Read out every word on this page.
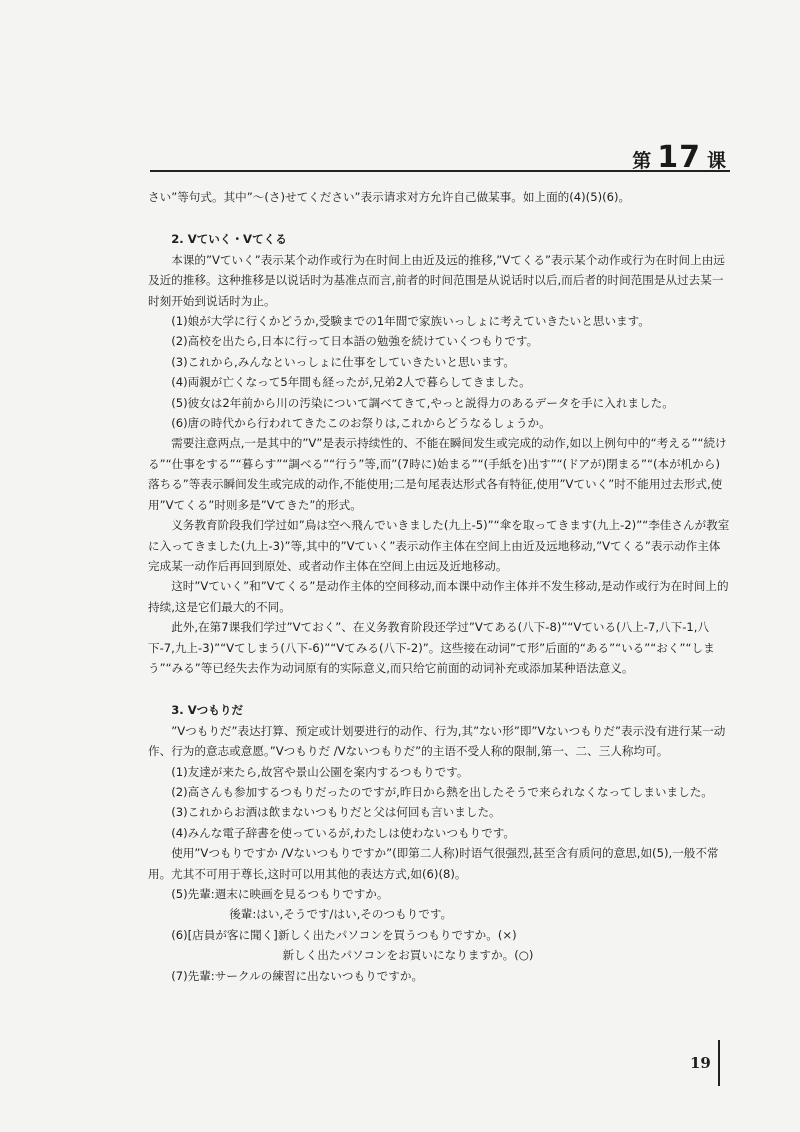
第 17 课

さい”等句式。其中”～(さ)せてください”表示请求对方允许自己做某事。如上面的(4)(5)(6)。

2. Ⅴていく・Ⅴてくる

本课的”Ⅴていく”表示某个动作或行为在时间上由近及远的推移,”Ⅴてくる”表示某个动作或行为在时间上由远及近的推移。这种推移是以说话时为基准点而言,前者的时间范围是从说话时以后,而后者的时间范围是从过去某一时刻开始到说话时为止。

(1)娘が大学に行くかどうか,受験までの1年間で家族いっしょに考えていきたいと思います。

(2)高校を出たら,日本に行って日本語の勉強を続けていくつもりです。

(3)これから,みんなといっしょに仕事をしていきたいと思います。

(4)両親が亡くなって5年間も経ったが,兄弟2人で暮らしてきました。

(5)彼女は2年前から川の汚染について調べてきて,やっと説得力のあるデータを手に入れました。

(6)唐の時代から行われてきたこのお祭りは,これからどうなるしょうか。

需要注意两点,一是其中的”Ⅴ”是表示持续性的、不能在瞬间发生或完成的动作,如以上例句中的“考える”“続ける”“仕事をする”“暮らす”“調べる”“行う”等,而”(7時に)始まる”“(手紙を)出す”“(ドアが)閉まる”“(本が机から)落ちる”等表示瞬间发生或完成的动作,不能使用;二是句尾表达形式各有特征,使用”Ⅴていく”时不能用过去形式,使用”Ⅴてくる”时则多是”Ⅴてきた”的形式。

义务教育阶段我们学过如”鳥は空へ飛んでいきました(九上-5)”“傘を取ってきます(九上-2)”“李佳さんが教室に入ってきました(九上-3)”等,其中的”Ⅴていく”表示动作主体在空间上由近及远地移动,”Ⅴてくる”表示动作主体完成某一动作后再回到原处、或者动作主体在空间上由远及近地移动。

这时”Ⅴていく”和”Ⅴてくる”是动作主体的空间移动,而本课中动作主体并不发生移动,是动作或行为在时间上的持续,这是它们最大的不同。

此外,在第7课我们学过”Ⅴておく”、在义务教育阶段还学过”Ⅴてある(八下-8)”“Ⅴている(八上-7,八下-1,八下-7,九上-3)”“Ⅴてしまう(八下-6)”“Ⅴてみる(八下-2)”。这些接在动词”て形”后面的“ある”“いる”“おく”“しまう”“みる”等已经失去作为动词原有的实际意义,而只给它前面的动词补充或添加某种语法意义。

3. Ⅴつもりだ

”Ⅴつもりだ”表达打算、预定或计划要进行的动作、行为,其”ない形”即”Ⅴないつもりだ”表示没有进行某一动作、行为的意志或意愿。”Ⅴつもりだ /Ⅴないつもりだ”的主语不受人称的限制,第一、二、三人称均可。

(1)友達が来たら,故宮や景山公園を案内するつもりです。

(2)高さんも参加するつもりだったのですが,昨日から熱を出したそうで来られなくなってしまいました。

(3)これからお酒は飲まないつもりだと父は何回も言いました。

(4)みんな電子辞書を使っているが,わたしは使わないつもりです。

使用”Ⅴつもりですか /Ⅴないつもりですか”(即第二人称)时语气很强烈,甚至含有质问的意思,如(5),一般不常用。尤其不可用于尊长,这时可以用其他的表达方式,如(6)(8)。

(5)先輩:週末に映画を見るつもりですか。

後輩:はい,そうです/はい,そのつもりです。

(6)[店員が客に聞く]新しく出たパソコンを買うつもりですか。(×)

新しく出たパソコンをお買いになりますか。(○)

(7)先輩:サークルの練習に出ないつもりですか。

19
